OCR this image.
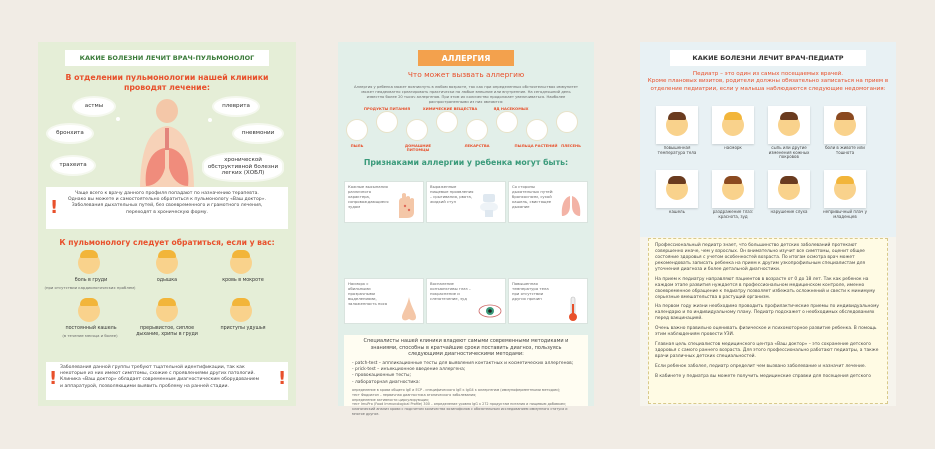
КАКИЕ БОЛЕЗНИ ЛЕЧИТ ВРАЧ-ПУЛЬМОНОЛОГ
В отделении пульмонологии нашей клиники
проводят лечение:
астмы	плеврита
бронхита	пневмонии
трахеита
хронической обструктивной болезни легких (ХОБЛ)
!
Чаще всего к врачу данного профиля попадают по назначению терапевта.
Однако вы можете и самостоятельно обратиться к пульмонологу «Ваш доктор».
Заболевания дыхательных путей, без своевременного и грамотного лечения,
переходят в хроническую форму.
К пульмонологу следует обратиться, если у вас:
боль в груди
(при отсутствии кардиологических проблем)
одышка	кровь в мокроте
постоянный кашель
(в течение месяца и более)
прерывистое, сиплое дыхание, хрипы в груди
приступы удушья
!	!
Заболевания данной группы требуют тщательной идентификации, так как
некоторые из них имеют симптомы, схожие с проявлениями других патологий.
Клиника «Ваш доктор» обладает современным диагностическим оборудованием
и аппаратурой, позволяющими выявить проблему на ранней стадии.
АЛЛЕРГИЯ
Что может вызвать аллергию
Аллергия у ребенка может возникнуть в любом возрасте, так как при определенных обстоятельствах иммунитет может неадекватно среагировать практически на любые внешние или внутренние. На сегодняшний день известно более 20 тысяч аллергенов. При этом их количество продолжает увеличиваться. Наиболее распространенными из них являются:
ПРОДУКТЫ ПИТАНИЯ	ХИМИЧЕСКИЕ ВЕЩЕСТВА	ЯД НАСЕКОМЫХ
ПЫЛЬ	ДОМАШНИЕ ПИТОМЦЫ
ЛЕКАРСТВА	ПЫЛЬЦА РАСТЕНИЙ ПЛЕСЕНЬ
Признаками аллергии у ребенка могут быть:
Кожные высыпания различного характера, сопровождающиеся зудом
Выраженные пищевые проявления – срыгивания, рвота, жидкий стул
Со стороны дыхательных путей: бронхоспазм, сухой кашель, свистящее дыхание
Насморк с обильными прозрачными выделениями, заложенность носа
Воспаление конъюнктивы глаз – покраснение и слезотечение, зуд
Повышенная температура тела при отсутствии других причин
Специалисты нашей клиники владеют самыми современными методиками и
знаниями, способны в кратчайшие сроки поставить диагноз, пользуясь
следующими диагностическими методами:
- patch-test – аппликационные тесты для выявления контактных и косметических аллергенов;
- prick-test – инъекционное введение аллергена;
- провокационные тесты;
- лабораторная диагностика:
определение в крови общего IgE и ECP - специфического IgE к IgG4 к аллергенам (иммуноферментными методом);
тест Фадиатоп – первичная диагностика атопического заболевания;
определение активности циркулирующих;
тест ImuPro (Food Immunological Profile) 300 – определение уровня IgG к 272 продуктам питания и пищевым добавкам;
клинический анализ крови с подсчетом количества эозинофилов с обязательным исследованием иммунного статуса и многое другое.
КАКИЕ БОЛЕЗНИ ЛЕЧИТ ВРАЧ-ПЕДИАТР
Педиатр – это один из самых посещаемых врачей.
Кроме плановых визитов, родители должны обязательно записаться на прием в
отделение педиатрии, если у малыша наблюдаются следующие недомогания:
повышенная температура тела
насморк	сыпь или другие изменения кожных покровов
боли в животе или тошнота
кашель	раздражение глаз: краснота, зуд
нарушение слуха	непривычный плач у младенцев
Профессиональный педиатр знает, что большинство детских заболеваний протекают совершенно иначе, чем у взрослых. Он внимательно изучит все симптомы, оценит общее состояние здоровья с учетом особенностей возраста. По итогам осмотра врач может рекомендовать записать ребенка на прием к другим узкопрофильным специалистам для уточнения диагноза и более детальной диагностики.
На прием к педиатру направляют пациентов в возрасте от 0 до 18 лет. Так как ребенок на каждом этапе развития нуждается в профессиональном медицинском контроле, именно своевременное обращение к педиатру позволяет избежать осложнений и свести к минимуму серьезные вмешательства в растущий организм.
На первом году жизни необходимо проводить профилактические приемы по индивидуальному календарю и по индивидуальному плану. Педиатр подскажет о необходимых обследованиях перед вакцинацией.
Очень важно правильно оценивать физическое и психомоторное развитие ребенка. В помощь этим наблюдениям провести УЗИ.
Главная цель специалистов медицинского центра «Ваш доктор» – это сохранение детского здоровья с самого раннего возраста. Для этого профессионально работают педиатры, а также врачи различных детских специальностей.
Если ребенок заболел, педиатр определит чем вызвано заболевание и назначит лечение.
В кабинете у педиатра вы можете получить медицинские справки для посещения детского
